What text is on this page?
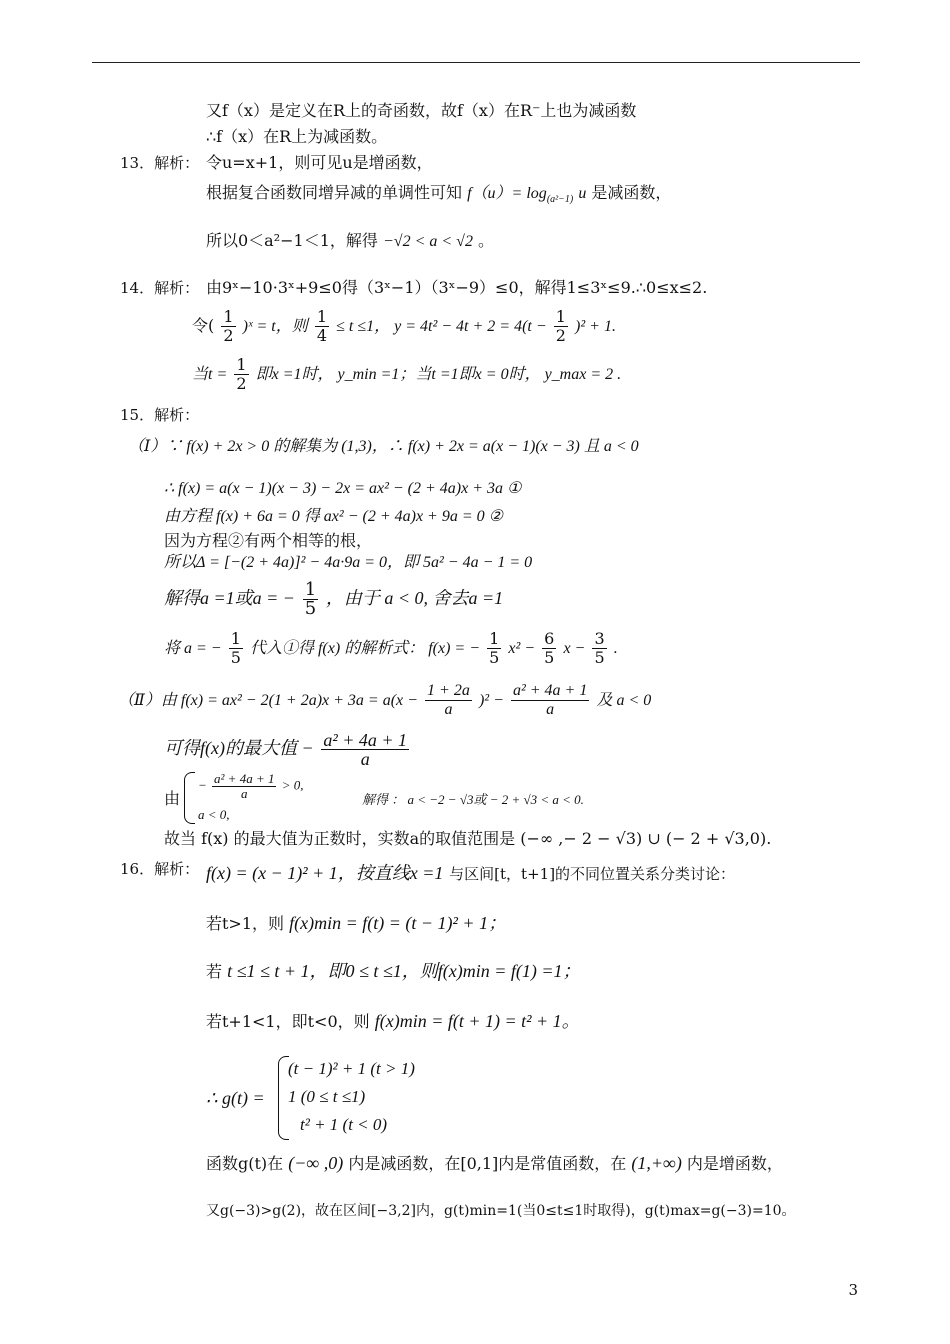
又f（x）是定义在R上的奇函数，故f（x）在R⁻上也为减函数
∴f（x）在R上为减函数。
13．解析： 令u=x+1，则可见u是增函数，
根据复合函数同增异减的单调性可知 $f(u)= \log_{(a^2-1)} u$ 是减函数，
所以0＜a²−1＜1，解得 −√2 < a < √2 。
14．解析： 由9ˣ−10·3ˣ+9≤0得（3ˣ−1）（3ˣ−9）≤0，解得1≤3ˣ≤9.∴0≤x≤2.
令( $\frac{1}{2}$ )ˣ = t，则 $\frac{1}{4} \le t \le 1$， $y = 4t^2 - 4t + 2 = 4(t - \frac{1}{2} )^2 + 1$.
当$t = \frac{1}{2}$ 即x =1时， y_min =1；当t =1即x = 0时， y_max = 2 .
15．解析：
（Ⅰ）∵ f(x) + 2x > 0 的解集为 (1,3)，∴ f(x) + 2x = a(x − 1)(x − 3) 且 a < 0
∴ f(x) = a(x − 1)(x − 3) − 2x = ax² − (2 + 4a)x + 3a ①
由方程 f(x) + 6a = 0 得 ax² − (2 + 4a)x + 9a = 0 ②
因为方程②有两个相等的根，
所以Δ = [−(2 + 4a)]² − 4a·9a = 0，即 5a² − 4a − 1 = 0
解得a =1或a = − $\frac{1}{5}$ ，由于 a < 0, 舍去a =1
将 a = − $\frac{1}{5}$ 代入①得 f(x) 的解析式： f(x) = − $\frac{1}{5} x^2 - \frac{6}{5}$ $x - \frac{3}{5}$ .
（Ⅱ）由 $f(x) = ax^2 - 2(1 + 2a)x + 3a = a(x - \frac{1 + 2a}{a} )^2 - \frac{\text{a² + 4a + 1}}{a}$ 及 a < 0
可得f(x)的最大值 − $\frac{\text{a² + 4a + 1}}{a}$
由
− $\frac{\text{a² + 4a + 1}}{a} > 0$,
a < 0,
解得 ： a < −2 − √3或 − 2 + √3 < a < 0.
故当 f(x) 的最大值为正数时，实数a的取值范围是 (−∞ ,− 2 − √3) ∪ (− 2 + √3,0).
16．解析： f(x) = (x − 1)² + 1，按直线x =1 与区间[t，t+1]的不同位置关系分类讨论：
若t>1，则 f(x)min = f(t) = (t − 1)² + 1；
若 t ≤1 ≤ t + 1，即0 ≤ t ≤1，则f(x)min = f(1) =1；
若t+1<1，即t<0，则 f(x)min = f(t + 1) = t² + 1。
∴ g(t) =
(t − 1)² + 1 (t > 1)
1 (0 ≤ t ≤1)
t² + 1 (t < 0)
函数g(t)在 (−∞ ,0) 内是减函数，在[0,1]内是常值函数，在 (1,+∞) 内是增函数，
又g(−3)>g(2)，故在区间[−3,2]内，g(t)min=1(当0≤t≤1时取得)，g(t)max=g(−3)=10。
3
